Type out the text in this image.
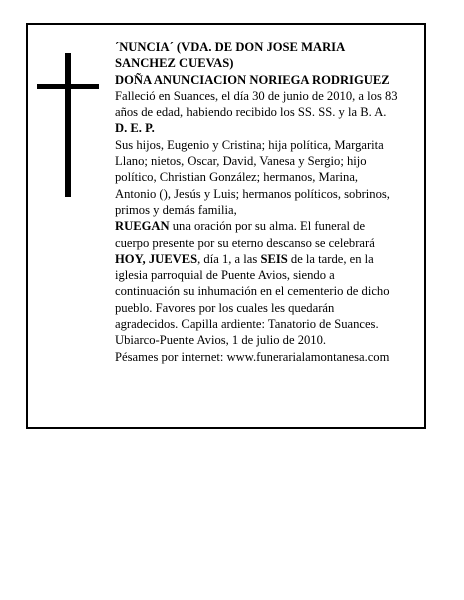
´NUNCIA´ (VDA. DE DON JOSE MARIA
SANCHEZ CUEVAS)
DOÑA ANUNCIACION NORIEGA RODRIGUEZ
Falleció en Suances, el día 30 de junio de 2010, a los 83
años de edad, habiendo recibido los SS. SS. y la B. A.
D. E. P.
Sus hijos, Eugenio y Cristina; hija política, Margarita
Llano; nietos, Oscar, David, Vanesa y Sergio; hijo
político, Christian González; hermanos, Marina,
Antonio (), Jesús y Luis; hermanos políticos, sobrinos,
primos y demás familia,
RUEGAN una oración por su alma. El funeral de
cuerpo presente por su eterno descanso se celebrará
HOY, JUEVES, día 1, a las SEIS de la tarde, en la
iglesia parroquial de Puente Avios, siendo a
continuación su inhumación en el cementerio de dicho
pueblo. Favores por los cuales les quedarán
agradecidos. Capilla ardiente: Tanatorio de Suances.
Ubiarco-Puente Avios, 1 de julio de 2010.
Pésames por internet: www.funerarialamontanesa.com
